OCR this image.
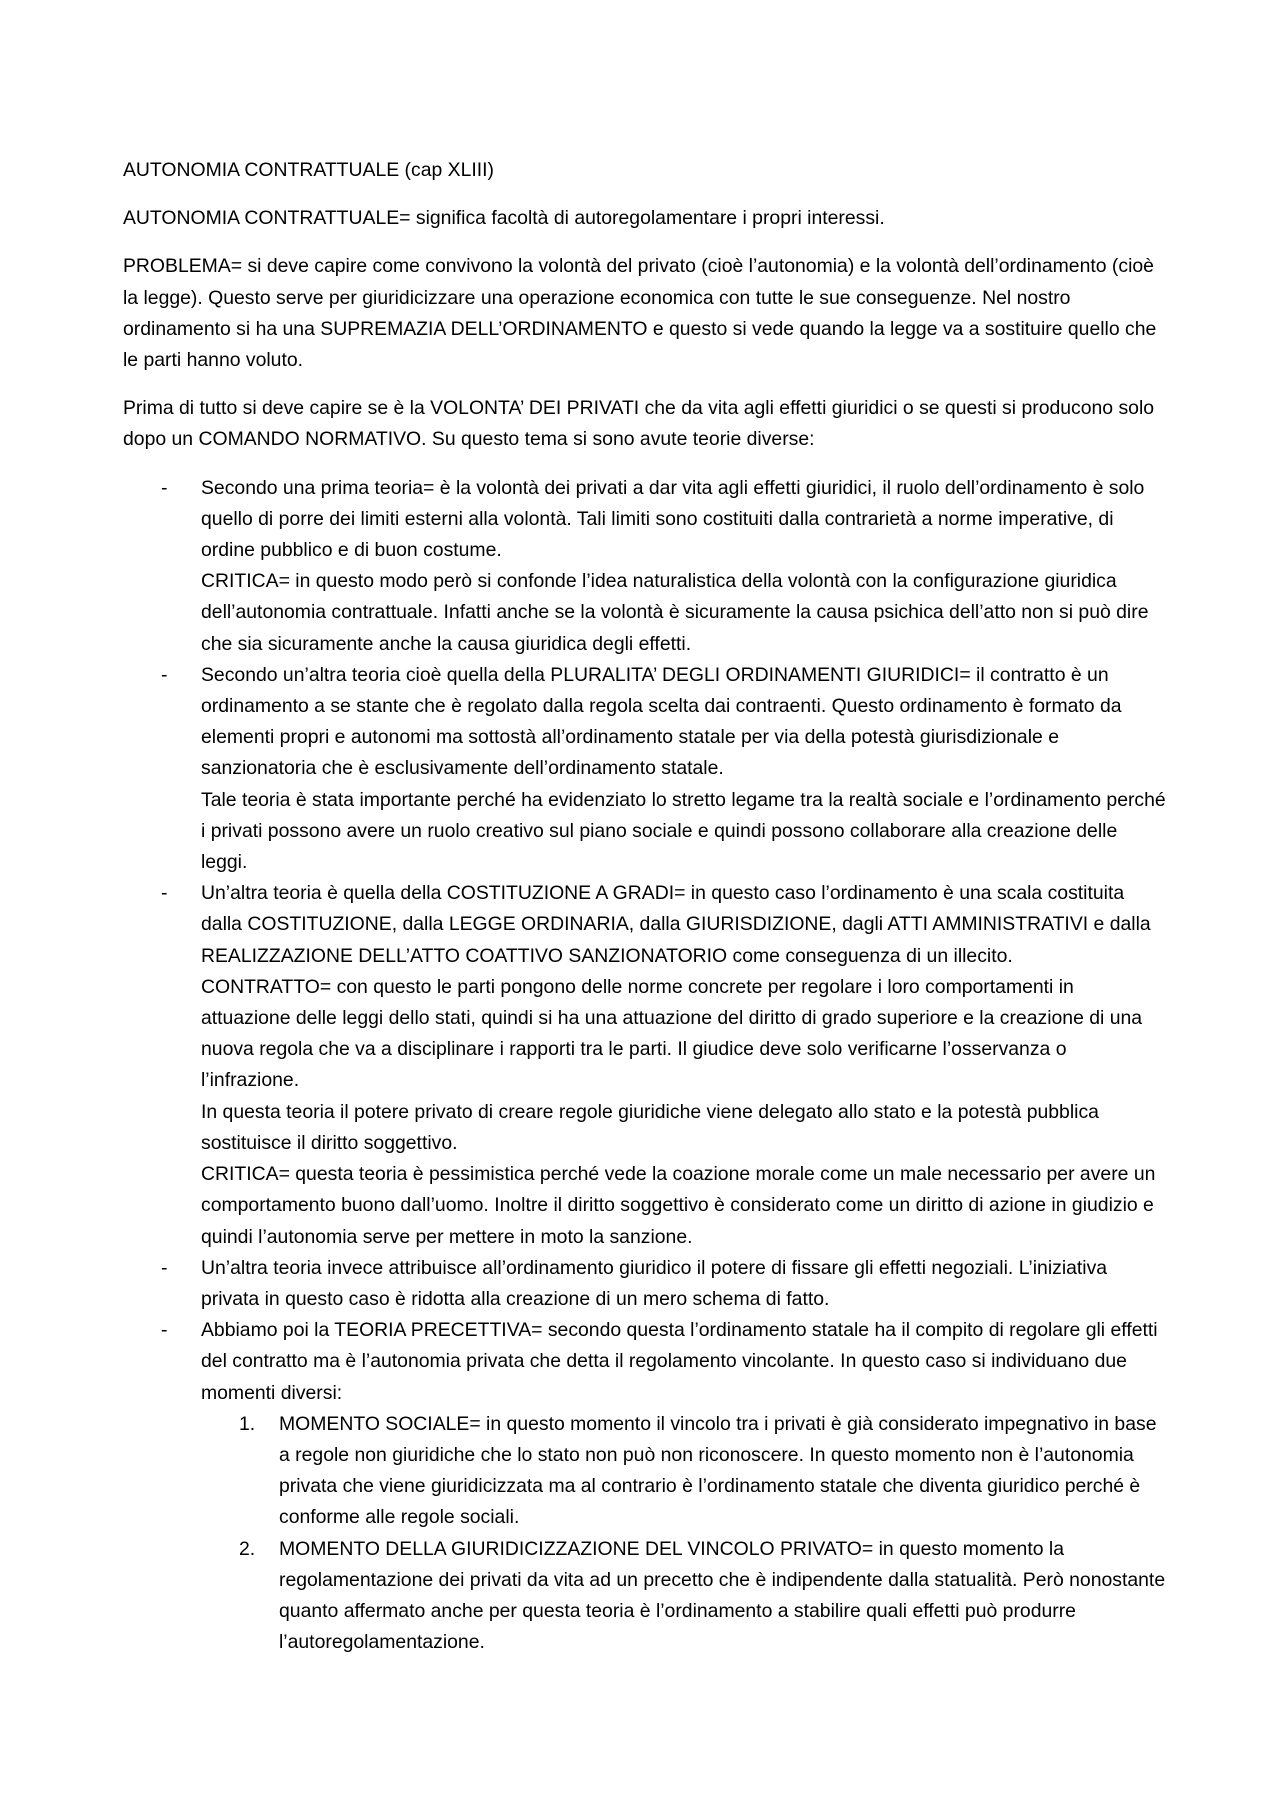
AUTONOMIA CONTRATTUALE (cap XLIII)

AUTONOMIA CONTRATTUALE= significa facoltà di autoregolamentare i propri interessi.

PROBLEMA= si deve capire come convivono la volontà del privato (cioè l’autonomia) e la volontà dell’ordinamento (cioè la legge). Questo serve per giuridicizzare una operazione economica con tutte le sue conseguenze. Nel nostro ordinamento si ha una SUPREMAZIA DELL’ORDINAMENTO e questo si vede quando la legge va a sostituire quello che le parti hanno voluto.

Prima di tutto si deve capire se è la VOLONTA’ DEI PRIVATI che da vita agli effetti giuridici o se questi si producono solo dopo un COMANDO NORMATIVO. Su questo tema si sono avute teorie diverse:

- Secondo una prima teoria= è la volontà dei privati a dar vita agli effetti giuridici, il ruolo dell’ordinamento è solo quello di porre dei limiti esterni alla volontà. Tali limiti sono costituiti dalla contrarietà a norme imperative, di ordine pubblico e di buon costume.

CRITICA= in questo modo però si confonde l’idea naturalistica della volontà con la configurazione giuridica dell’autonomia contrattuale. Infatti anche se la volontà è sicuramente la causa psichica dell’atto non si può dire che sia sicuramente anche la causa giuridica degli effetti.

- Secondo un’altra teoria cioè quella della PLURALITA’ DEGLI ORDINAMENTI GIURIDICI= il contratto è un ordinamento a se stante che è regolato dalla regola scelta dai contraenti. Questo ordinamento è formato da elementi propri e autonomi ma sottostà all’ordinamento statale per via della potestà giurisdizionale e sanzionatoria che è esclusivamente dell’ordinamento statale.

Tale teoria è stata importante perché ha evidenziato lo stretto legame tra la realtà sociale e l’ordinamento perché i privati possono avere un ruolo creativo sul piano sociale e quindi possono collaborare alla creazione delle leggi.

- Un’altra teoria è quella della COSTITUZIONE A GRADI= in questo caso l’ordinamento è una scala costituita dalla COSTITUZIONE, dalla LEGGE ORDINARIA, dalla GIURISDIZIONE, dagli ATTI AMMINISTRATIVI e dalla REALIZZAZIONE DELL’ATTO COATTIVO SANZIONATORIO come conseguenza di un illecito.

CONTRATTO= con questo le parti pongono delle norme concrete per regolare i loro comportamenti in attuazione delle leggi dello stati, quindi si ha una attuazione del diritto di grado superiore e la creazione di una nuova regola che va a disciplinare i rapporti tra le parti. Il giudice deve solo verificarne l’osservanza o l’infrazione.

In questa teoria il potere privato di creare regole giuridiche viene delegato allo stato e la potestà pubblica sostituisce il diritto soggettivo.

CRITICA= questa teoria è pessimistica perché vede la coazione morale come un male necessario per avere un comportamento buono dall’uomo. Inoltre il diritto soggettivo è considerato come un diritto di azione in giudizio e quindi l’autonomia serve per mettere in moto la sanzione.

- Un’altra teoria invece attribuisce all’ordinamento giuridico il potere di fissare gli effetti negoziali. L’iniziativa privata in questo caso è ridotta alla creazione di un mero schema di fatto.

- Abbiamo poi la TEORIA PRECETTIVA= secondo questa l’ordinamento statale ha il compito di regolare gli effetti del contratto ma è l’autonomia privata che detta il regolamento vincolante. In questo caso si individuano due momenti diversi:

1. MOMENTO SOCIALE= in questo momento il vincolo tra i privati è già considerato impegnativo in base a regole non giuridiche che lo stato non può non riconoscere. In questo momento non è l’autonomia privata che viene giuridicizzata ma al contrario è l’ordinamento statale che diventa giuridico perché è conforme alle regole sociali.
2. MOMENTO DELLA GIURIDICIZZAZIONE DEL VINCOLO PRIVATO= in questo momento la regolamentazione dei privati da vita ad un precetto che è indipendente dalla statualità. Però nonostante quanto affermato anche per questa teoria è l’ordinamento a stabilire quali effetti può produrre l’autoregolamentazione.
